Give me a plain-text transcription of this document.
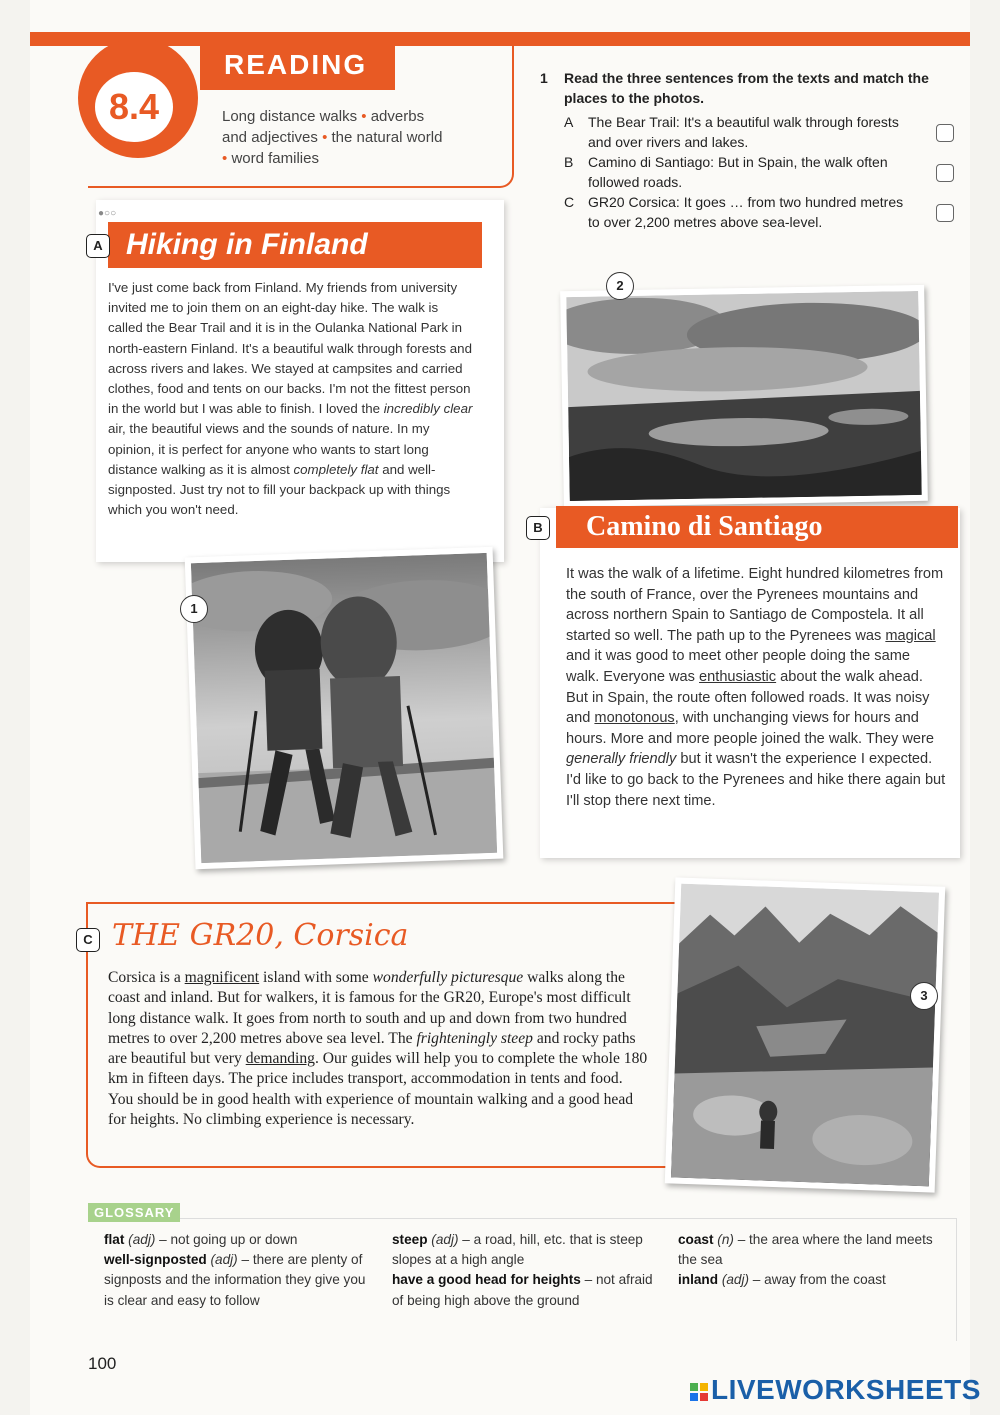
8.4
READING
Long distance walks • adverbs
and adjectives • the natural world
• word families
1 Read the three sentences from the texts and match the places to the photos.
A The Bear Trail: It's a beautiful walk through forests and over rivers and lakes.
B Camino di Santiago: But in Spain, the walk often followed roads.
C GR20 Corsica: It goes … from two hundred metres to over 2,200 metres above sea-level.
●○○
Hiking in Finland
A
I've just come back from Finland. My friends from university invited me to join them on an eight-day hike. The walk is called the Bear Trail and it is in the Oulanka National Park in north-eastern Finland. It's a beautiful walk through forests and across rivers and lakes. We stayed at campsites and carried clothes, food and tents on our backs. I'm not the fittest person in the world but I was able to finish. I loved the incredibly clear air, the beautiful views and the sounds of nature. In my opinion, it is perfect for anyone who wants to start long distance walking as it is almost completely flat and well-signposted. Just try not to fill your backpack up with things which you won't need.
1
2
Camino di Santiago
B
It was the walk of a lifetime. Eight hundred kilometres from the south of France, over the Pyrenees mountains and across northern Spain to Santiago de Compostela. It all started so well. The path up to the Pyrenees was magical and it was good to meet other people doing the same walk. Everyone was enthusiastic about the walk ahead. But in Spain, the route often followed roads. It was noisy and monotonous, with unchanging views for hours and hours. More and more people joined the walk. They were generally friendly but it wasn't the experience I expected. I'd like to go back to the Pyrenees and hike there again but I'll stop there next time.
C THE GR20, Corsica
Corsica is a magnificent island with some wonderfully picturesque walks along the coast and inland. But for walkers, it is famous for the GR20, Europe's most difficult long distance walk. It goes from north to south and up and down from two hundred metres to over 2,200 metres above sea level. The frighteningly steep and rocky paths are beautiful but very demanding. Our guides will help you to complete the whole 180 km in fifteen days. The price includes transport, accommodation in tents and food. You should be in good health with experience of mountain walking and a good head for heights. No climbing experience is necessary.
3
GLOSSARY
flat (adj) – not going up or down
well-signposted (adj) – there are plenty of signposts and the information they give you is clear and easy to follow
steep (adj) – a road, hill, etc. that is steep slopes at a high angle
have a good head for heights – not afraid of being high above the ground
coast (n) – the area where the land meets the sea
inland (adj) – away from the coast
100
LIVEWORKSHEETS
